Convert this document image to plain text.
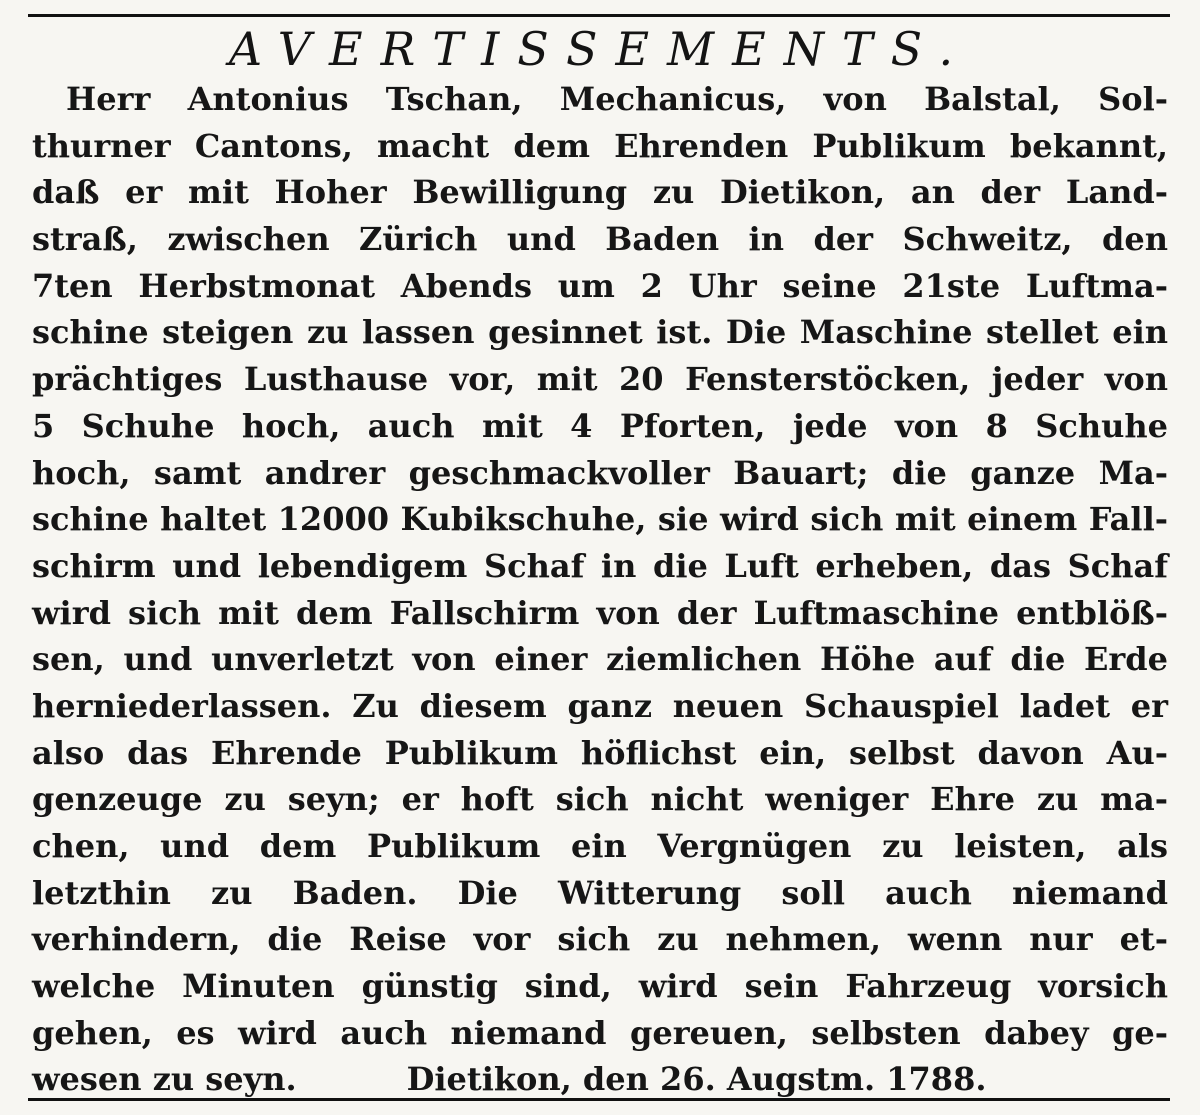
AVERTISSEMENTS.
Herr Antonius Tschan, Mechanicus, von Balstal, Sol-
thurner Cantons, macht dem Ehrenden Publikum bekannt,
daß er mit Hoher Bewilligung zu Dietikon, an der Land-
straß, zwischen Zürich und Baden in der Schweitz, den
7ten Herbstmonat Abends um 2 Uhr seine 21ste Luftma-
schine steigen zu lassen gesinnet ist. Die Maschine stellet ein
prächtiges Lusthause vor, mit 20 Fensterstöcken, jeder von
5 Schuhe hoch, auch mit 4 Pforten, jede von 8 Schuhe
hoch, samt andrer geschmackvoller Bauart; die ganze Ma-
schine haltet 12000 Kubikschuhe, sie wird sich mit einem Fall-
schirm und lebendigem Schaf in die Luft erheben, das Schaf
wird sich mit dem Fallschirm von der Luftmaschine entblöß-
sen, und unverletzt von einer ziemlichen Höhe auf die Erde
herniederlassen. Zu diesem ganz neuen Schauspiel ladet er
also das Ehrende Publikum höflichst ein, selbst davon Au-
genzeuge zu seyn; er hoft sich nicht weniger Ehre zu ma-
chen, und dem Publikum ein Vergnügen zu leisten, als
letzthin zu Baden. Die Witterung soll auch niemand
verhindern, die Reise vor sich zu nehmen, wenn nur et-
welche Minuten günstig sind, wird sein Fahrzeug vorsich
gehen, es wird auch niemand gereuen, selbsten dabey ge-
wesen zu seyn.	Dietikon, den 26. Augstm. 1788.
